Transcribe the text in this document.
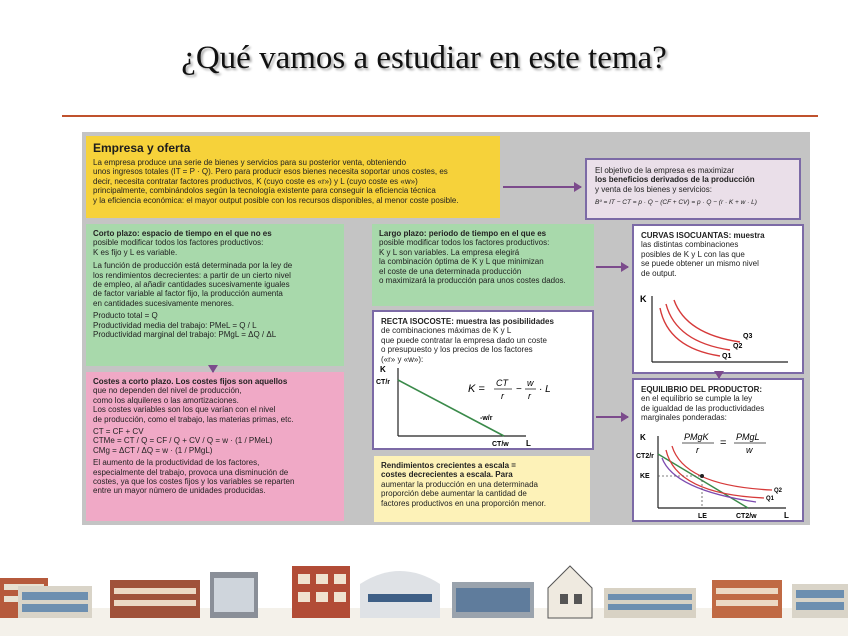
¿Qué vamos a estudiar en este tema?
Empresa y oferta
La empresa produce una serie de bienes y servicios para su posterior venta, obteniendo
unos ingresos totales (IT = P · Q). Pero para producir esos bienes necesita soportar unos costes, es
decir, necesita contratar factores productivos, K (cuyo coste es «r») y L (cuyo coste es «w»)
principalmente, combinándolos según la tecnología existente para conseguir la eficiencia técnica
y la eficiencia económica: el mayor output posible con los recursos disponibles, al menor coste posible.
El objetivo de la empresa es maximizar
los beneficios derivados de la producción
y venta de los bienes y servicios:
Bº = IT − CT = p · Q − (CF + CV) = p · Q − (r · K + w · L)
Corto plazo: espacio de tiempo en el que no es
posible modificar todos los factores productivos:
K es fijo y L es variable.
La función de producción está determinada por la ley de
los rendimientos decrecientes: a partir de un cierto nivel
de empleo, al añadir cantidades sucesivamente iguales
de factor variable al factor fijo, la producción aumenta
en cantidades sucesivamente menores.
Producto total = Q
Productividad media del trabajo: PMeL = Q / L
Productividad marginal del trabajo: PMgL = ΔQ / ΔL
Costes a corto plazo. Los costes fijos son aquellos
que no dependen del nivel de producción,
como los alquileres o las amortizaciones.
Los costes variables son los que varían con el nivel
de producción, como el trabajo, las materias primas, etc.
CT = CF + CV
CTMe = CT / Q = CF / Q + CV / Q = w · (1 / PMeL)
CMg = ΔCT / ΔQ = w · (1 / PMgL)
El aumento de la productividad de los factores,
especialmente del trabajo, provoca una disminución de
costes, ya que los costes fijos y los variables se reparten
entre un mayor número de unidades producidas.
Largo plazo: periodo de tiempo en el que es
posible modificar todos los factores productivos:
K y L son variables. La empresa elegirá
la combinación óptima de K y L que minimizan
el coste de una determinada producción
o maximizará la producción para unos costes dados.
CURVAS ISOCUANTAS: muestra
las distintas combinaciones
posibles de K y L con las que
se puede obtener un mismo nivel
de output.
K
Q3
Q2
Q1
RECTA ISOCOSTE: muestra las posibilidades
de combinaciones máximas de K y L
que puede contratar la empresa dado un coste
o presupuesto y los precios de los factores
(«r» y «w»):
K
CT/r
-w/r
CT/w L
K = CT
r
−
w
r
· L
Rendimientos crecientes a escala =
costes decrecientes a escala. Para
aumentar la producción en una determinada
proporción debe aumentar la cantidad de
factores productivos en una proporción menor.
EQUILIBRIO DEL PRODUCTOR:
en el equilibrio se cumple la ley
de igualdad de las productividades
marginales ponderadas:
PMgK
r
= PMgL
w
K
CT2/r
KE
LE	CT2/w	L
Q1
Q2
